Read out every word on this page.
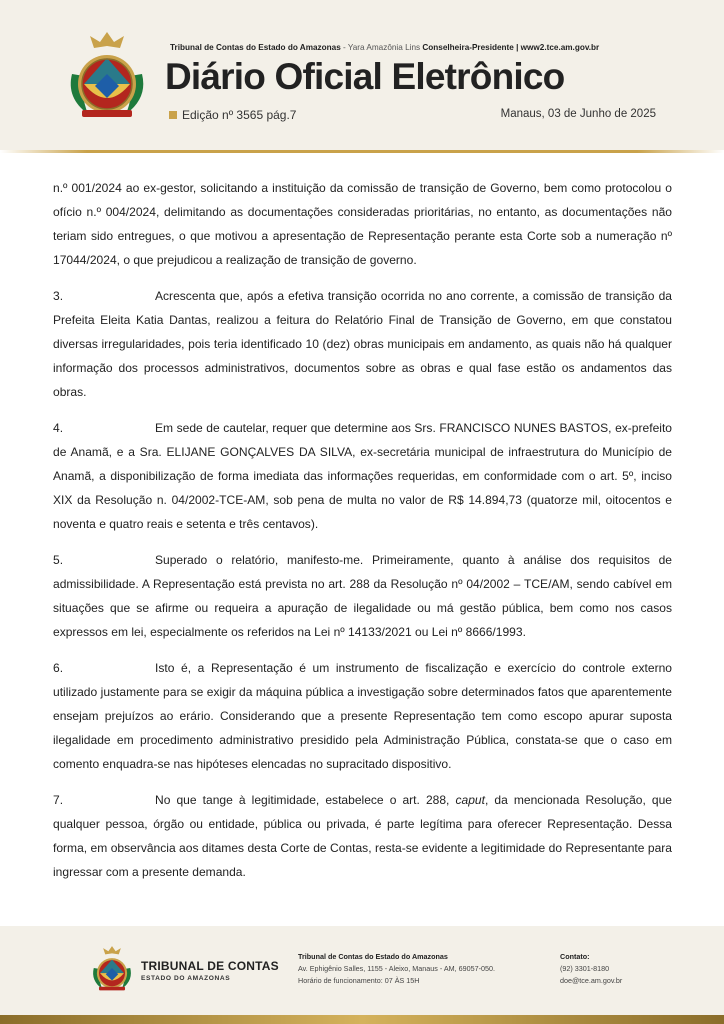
Tribunal de Contas do Estado do Amazonas - Yara Amazônia Lins Conselheira-Presidente | www2.tce.am.gov.br
Diário Oficial Eletrônico
Edição nº 3565 pág.7	Manaus, 03 de Junho de 2025

n.º 001/2024 ao ex-gestor, solicitando a instituição da comissão de transição de Governo, bem como protocolou o ofício n.º 004/2024, delimitando as documentações consideradas prioritárias, no entanto, as documentações não teriam sido entregues, o que motivou a apresentação de Representação perante esta Corte sob a numeração nº 17044/2024, o que prejudicou a realização de transição de governo.

3.	Acrescenta que, após a efetiva transição ocorrida no ano corrente, a comissão de transição da Prefeita Eleita Katia Dantas, realizou a feitura do Relatório Final de Transição de Governo, em que constatou diversas irregularidades, pois teria identificado 10 (dez) obras municipais em andamento, as quais não há qualquer informação dos processos administrativos, documentos sobre as obras e qual fase estão os andamentos das obras.

4.	Em sede de cautelar, requer que determine aos Srs. FRANCISCO NUNES BASTOS, ex-prefeito de Anamã, e a Sra. ELIJANE GONÇALVES DA SILVA, ex-secretária municipal de infraestrutura do Município de Anamã, a disponibilização de forma imediata das informações requeridas, em conformidade com o art. 5º, inciso XIX da Resolução n. 04/2002-TCE-AM, sob pena de multa no valor de R$ 14.894,73 (quatorze mil, oitocentos e noventa e quatro reais e setenta e três centavos).

5.	Superado o relatório, manifesto-me. Primeiramente, quanto à análise dos requisitos de admissibilidade. A Representação está prevista no art. 288 da Resolução nº 04/2002 – TCE/AM, sendo cabível em situações que se afirme ou requeira a apuração de ilegalidade ou má gestão pública, bem como nos casos expressos em lei, especialmente os referidos na Lei nº 14133/2021 ou Lei nº 8666/1993.

6.	Isto é, a Representação é um instrumento de fiscalização e exercício do controle externo utilizado justamente para se exigir da máquina pública a investigação sobre determinados fatos que aparentemente ensejam prejuízos ao erário. Considerando que a presente Representação tem como escopo apurar suposta ilegalidade em procedimento administrativo presidido pela Administração Pública, constata-se que o caso em comento enquadra-se nas hipóteses elencadas no supracitado dispositivo.

7.	No que tange à legitimidade, estabelece o art. 288, caput, da mencionada Resolução, que qualquer pessoa, órgão ou entidade, pública ou privada, é parte legítima para oferecer Representação. Dessa forma, em observância aos ditames desta Corte de Contas, resta-se evidente a legitimidade do Representante para ingressar com a presente demanda.

TRIBUNAL DE CONTAS
ESTADO DO AMAZONAS
Tribunal de Contas do Estado do Amazonas
Av. Ephigênio Salles, 1155 - Aleixo, Manaus - AM, 69057-050.
Horário de funcionamento: 07 ÀS 15H
Contato:
(92) 3301-8180
doe@tce.am.gov.br
